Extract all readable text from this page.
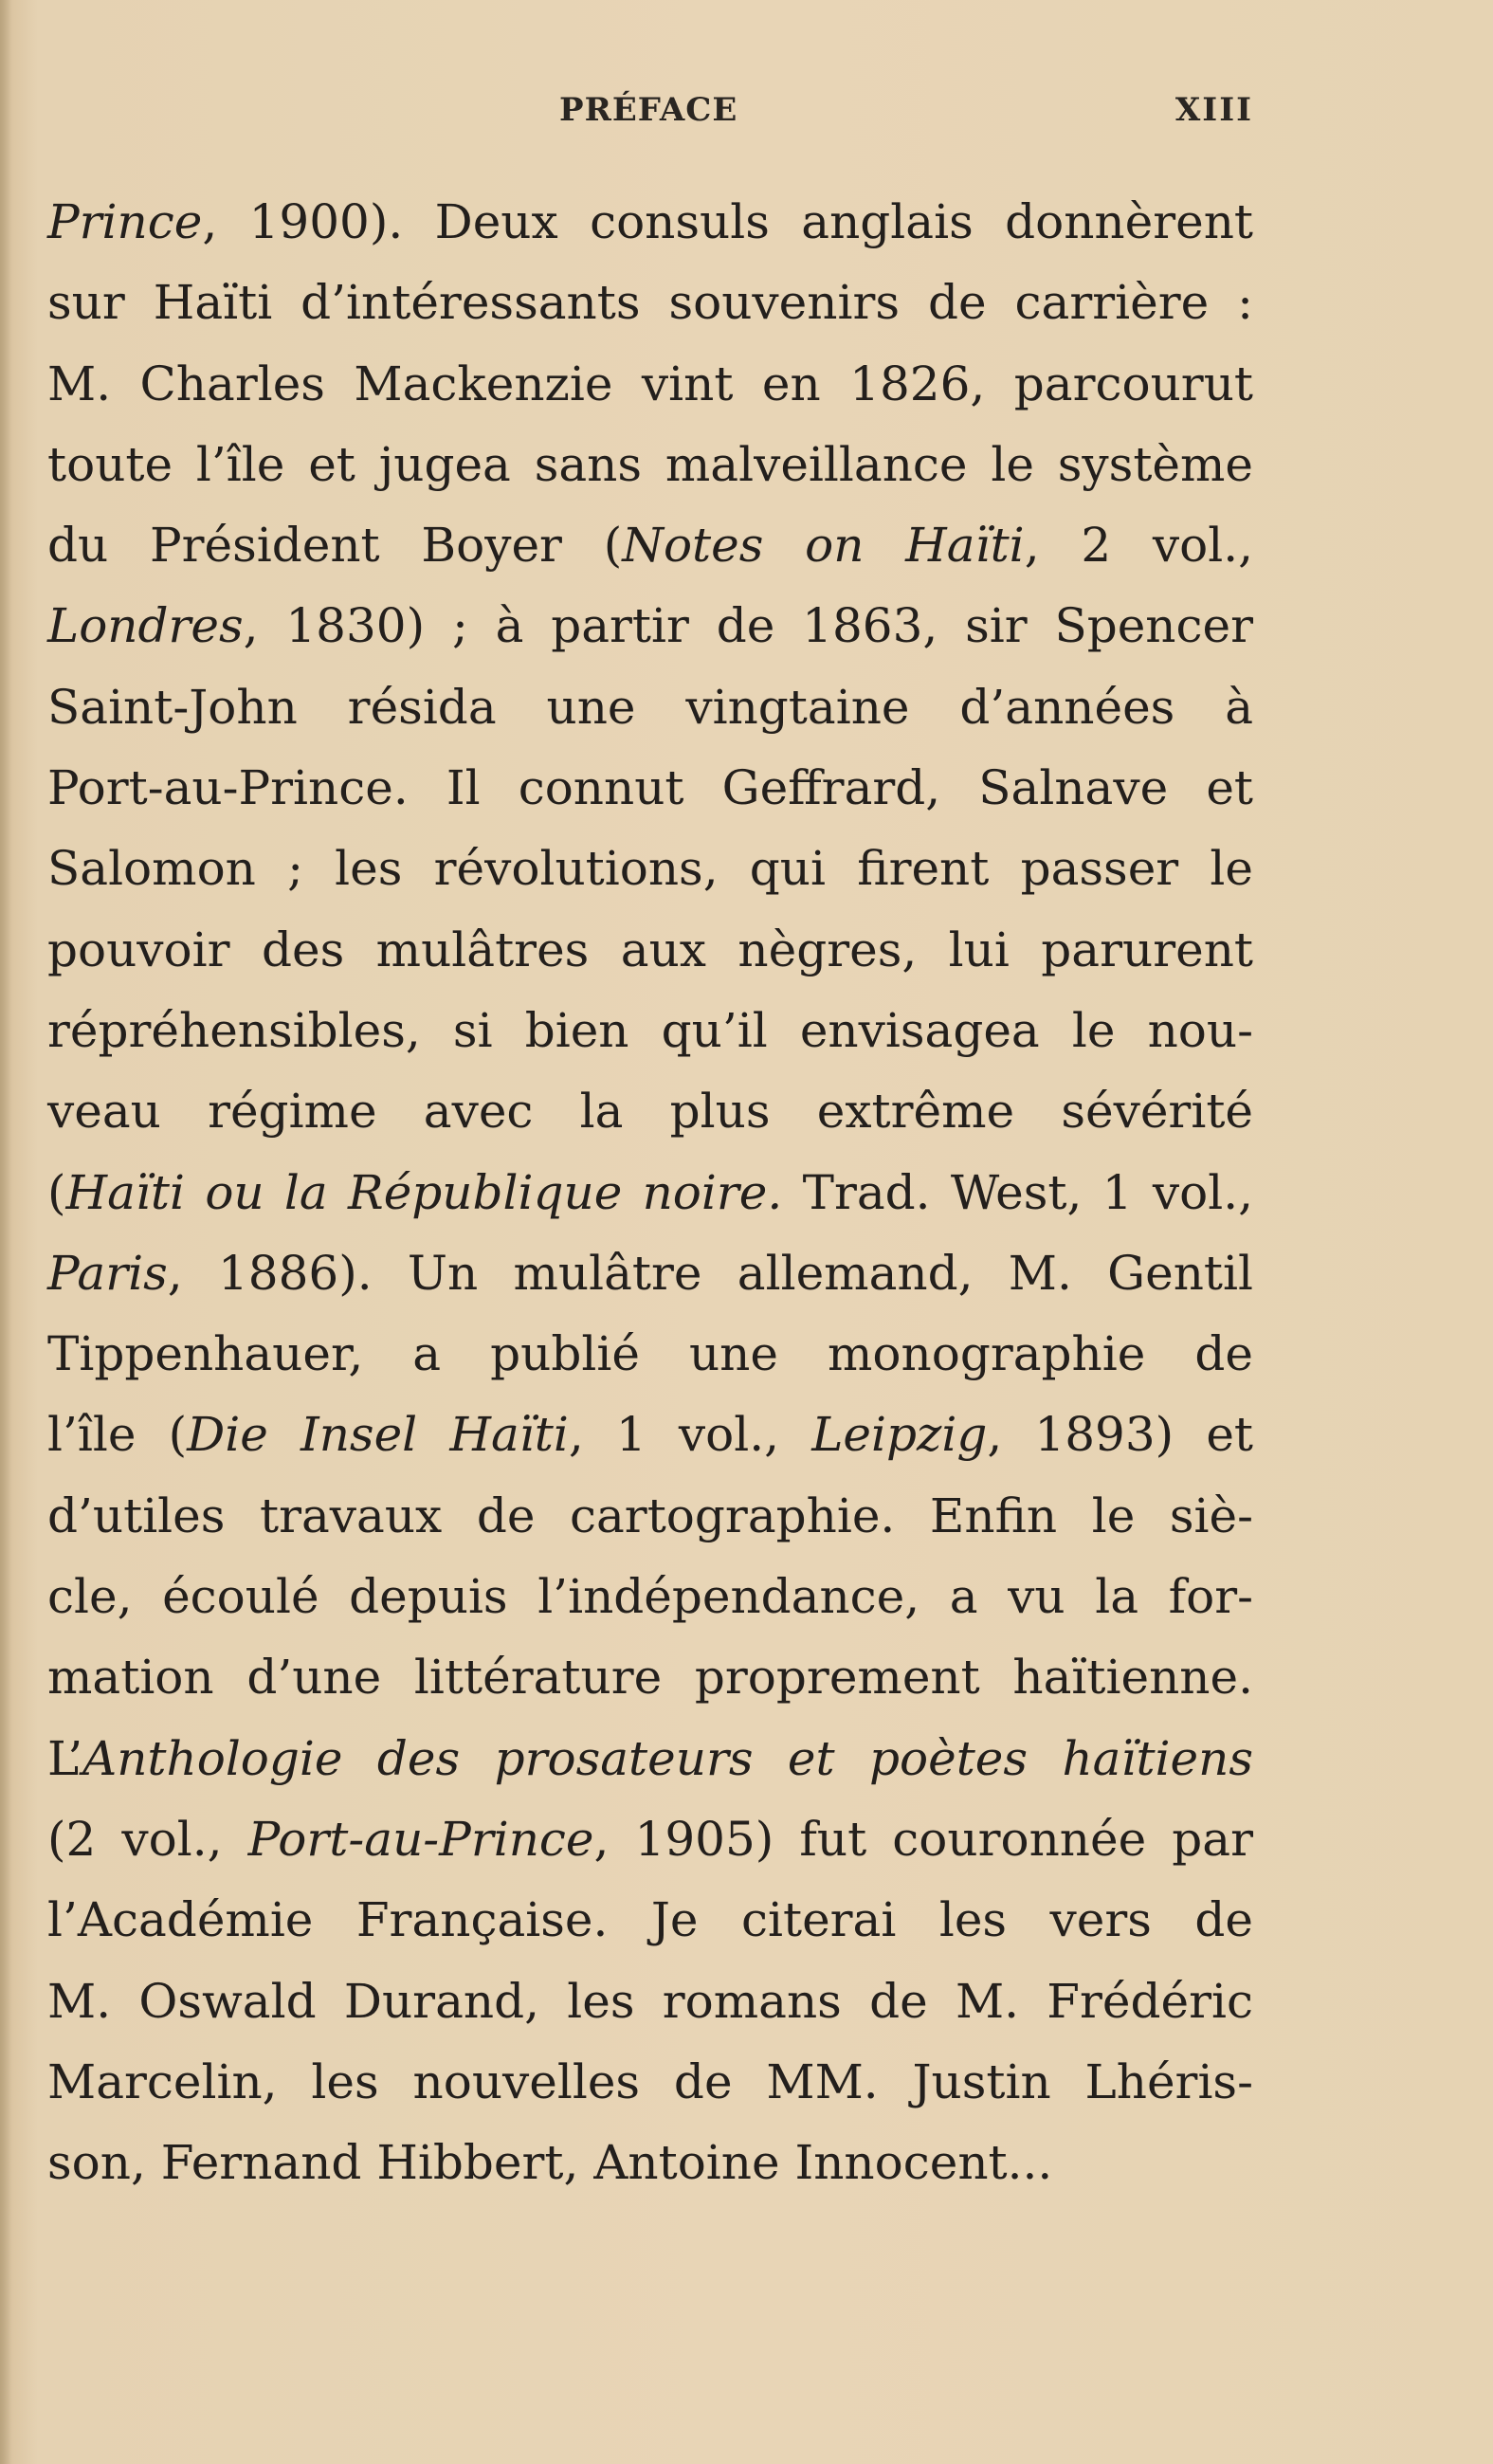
PRÉFACE	XIII
Prince, 1900). Deux consuls anglais donnèrent
sur Haïti d’intéressants souvenirs de carrière :
M. Charles Mackenzie vint en 1826, parcourut
toute l’île et jugea sans malveillance le système
du Président Boyer (Notes on Haïti, 2 vol.,
Londres, 1830) ; à partir de 1863, sir Spencer
Saint-John résida une vingtaine d’années à
Port-au-Prince. Il connut Geffrard, Salnave et
Salomon ; les révolutions, qui firent passer le
pouvoir des mulâtres aux nègres, lui parurent
répréhensibles, si bien qu’il envisagea le nou-
veau régime avec la plus extrême sévérité
(Haïti ou la République noire. Trad. West, 1 vol.,
Paris, 1886). Un mulâtre allemand, M. Gentil
Tippenhauer, a publié une monographie de
l’île (Die Insel Haïti, 1 vol., Leipzig, 1893) et
d’utiles travaux de cartographie. Enfin le siè-
cle, écoulé depuis l’indépendance, a vu la for-
mation d’une littérature proprement haïtienne.
L’Anthologie des prosateurs et poètes haïtiens
(2 vol., Port-au-Prince, 1905) fut couronnée par
l’Académie Française. Je citerai les vers de
M. Oswald Durand, les romans de M. Frédéric
Marcelin, les nouvelles de MM. Justin Lhéris-
son, Fernand Hibbert, Antoine Innocent...
